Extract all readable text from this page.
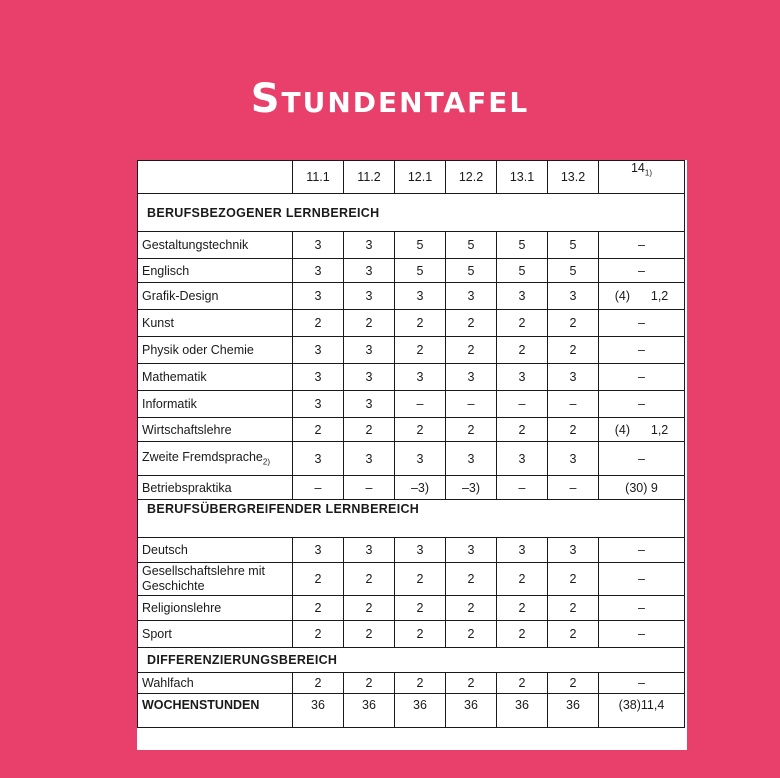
Stundentafel
	11.1	11.2	12.1	12.2	13.1	13.2	$14_{1)}$
BERUFSBEZOGENER LERNBEREICH							
Gestaltungstechnik	3	3	5	5	5	5	–
Englisch	3	3	5	5	5	5	–
Grafik-Design	3	3	3	3	3	3	(4)      1,2
Kunst	2	2	2	2	2	2	–
Physik oder Chemie	3	3	2	2	2	2	–
Mathematik	3	3	3	3	3	3	–
Informatik	3	3	–	–	–	–	–
Wirtschaftslehre	2	2	2	2	2	2	(4)      1,2
Zweite Fremdsprache$_{2)}$	3	3	3	3	3	3	–
Betriebspraktika	–	–	–3)	–3)	–	–	(30) 9
BERUFSÜBERGREIFENDER LERNBEREICH							
Deutsch	3	3	3	3	3	3	–
Gesellschaftslehre mit Geschichte	2	2	2	2	2	2	–
Religionslehre	2	2	2	2	2	2	–
Sport	2	2	2	2	2	2	–
DIFFERENZIERUNGSBEREICH							
Wahlfach	2	2	2	2	2	2	–
WOCHENSTUNDEN	36	36	36	36	36	36	(38)11,4
